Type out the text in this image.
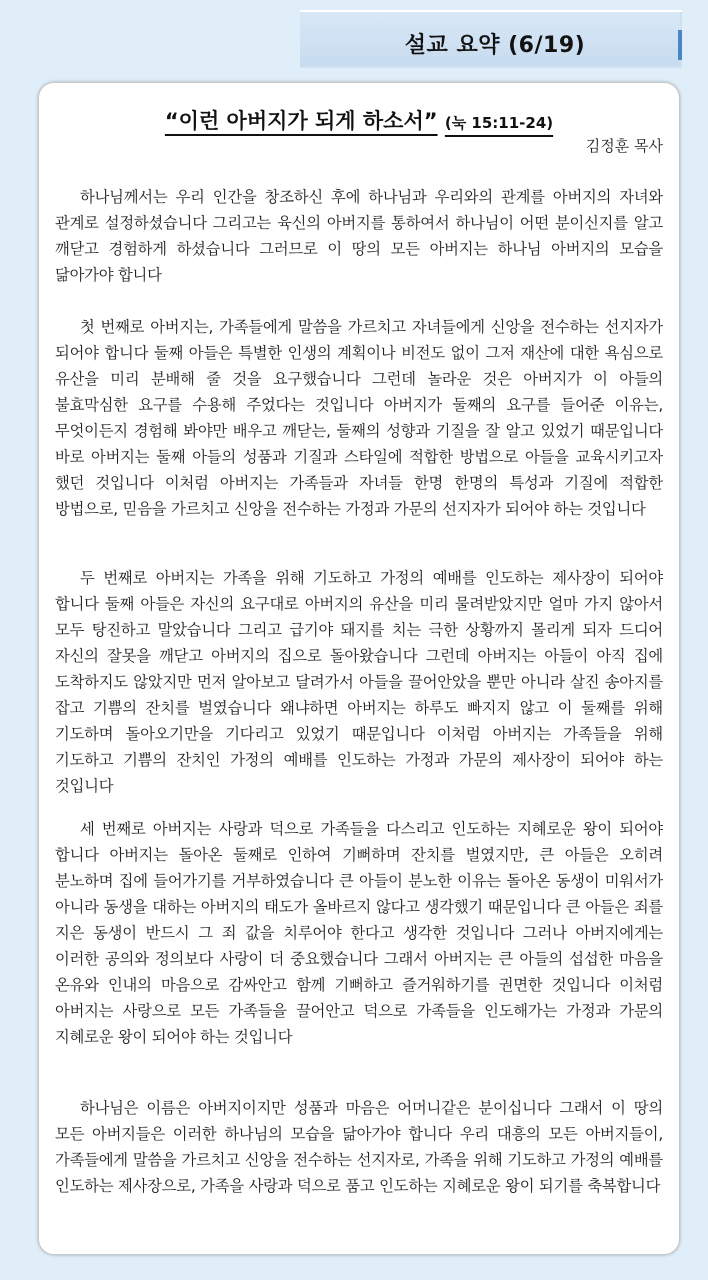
설교 요약 (6/19)
“이런 아버지가 되게 하소서” (눅 15:11-24)
김정훈 목사

하나님께서는 우리 인간을 창조하신 후에 하나님과 우리와의 관계를 아버지의 자녀와 관계로 설정하셨습니다 그리고는 육신의 아버지를 통하여서 하나님이 어떤 분이신지를 알고 깨닫고 경험하게 하셨습니다 그러므로 이 땅의 모든 아버지는 하나님 아버지의 모습을 닮아가야 합니다

첫 번째로 아버지는, 가족들에게 말씀을 가르치고 자녀들에게 신앙을 전수하는 선지자가 되어야 합니다 둘째 아들은 특별한 인생의 계획이나 비전도 없이 그저 재산에 대한 욕심으로 유산을 미리 분배해 줄 것을 요구했습니다 그런데 놀라운 것은 아버지가 이 아들의 불효막심한 요구를 수용해 주었다는 것입니다 아버지가 둘째의 요구를 들어준 이유는, 무엇이든지 경험해 봐야만 배우고 깨닫는, 둘째의 성향과 기질을 잘 알고 있었기 때문입니다 바로 아버지는 둘째 아들의 성품과 기질과 스타일에 적합한 방법으로 아들을 교육시키고자 했던 것입니다 이처럼 아버지는 가족들과 자녀들 한명 한명의 특성과 기질에 적합한 방법으로, 믿음을 가르치고 신앙을 전수하는 가정과 가문의 선지자가 되어야 하는 것입니다

두 번째로 아버지는 가족을 위해 기도하고 가정의 예배를 인도하는 제사장이 되어야 합니다 둘째 아들은 자신의 요구대로 아버지의 유산을 미리 물려받았지만 얼마 가지 않아서 모두 탕진하고 말았습니다 그리고 급기야 돼지를 치는 극한 상황까지 몰리게 되자 드디어 자신의 잘못을 깨닫고 아버지의 집으로 돌아왔습니다 그런데 아버지는 아들이 아직 집에 도착하지도 않았지만 먼저 알아보고 달려가서 아들을 끌어안았을 뿐만 아니라 살진 송아지를 잡고 기쁨의 잔치를 벌였습니다 왜냐하면 아버지는 하루도 빠지지 않고 이 둘째를 위해 기도하며 돌아오기만을 기다리고 있었기 때문입니다 이처럼 아버지는 가족들을 위해 기도하고 기쁨의 잔치인 가정의 예배를 인도하는 가정과 가문의 제사장이 되어야 하는 것입니다

세 번째로 아버지는 사랑과 덕으로 가족들을 다스리고 인도하는 지혜로운 왕이 되어야 합니다 아버지는 돌아온 둘째로 인하여 기뻐하며 잔치를 벌였지만, 큰 아들은 오히려 분노하며 집에 들어가기를 거부하였습니다 큰 아들이 분노한 이유는 돌아온 동생이 미워서가 아니라 동생을 대하는 아버지의 태도가 올바르지 않다고 생각했기 때문입니다 큰 아들은 죄를 지은 동생이 반드시 그 죄 값을 치루어야 한다고 생각한 것입니다 그러나 아버지에게는 이러한 공의와 정의보다 사랑이 더 중요했습니다 그래서 아버지는 큰 아들의 섭섭한 마음을 온유와 인내의 마음으로 감싸안고 함께 기뻐하고 즐거워하기를 권면한 것입니다 이처럼 아버지는 사랑으로 모든 가족들을 끌어안고 덕으로 가족들을 인도해가는 가정과 가문의 지혜로운 왕이 되어야 하는 것입니다

하나님은 이름은 아버지이지만 성품과 마음은 어머니같은 분이십니다 그래서 이 땅의 모든 아버지들은 이러한 하나님의 모습을 닮아가야 합니다 우리 대흥의 모든 아버지들이, 가족들에게 말씀을 가르치고 신앙을 전수하는 선지자로, 가족을 위해 기도하고 가정의 예배를 인도하는 제사장으로, 가족을 사랑과 덕으로 품고 인도하는 지혜로운 왕이 되기를 축복합니다
